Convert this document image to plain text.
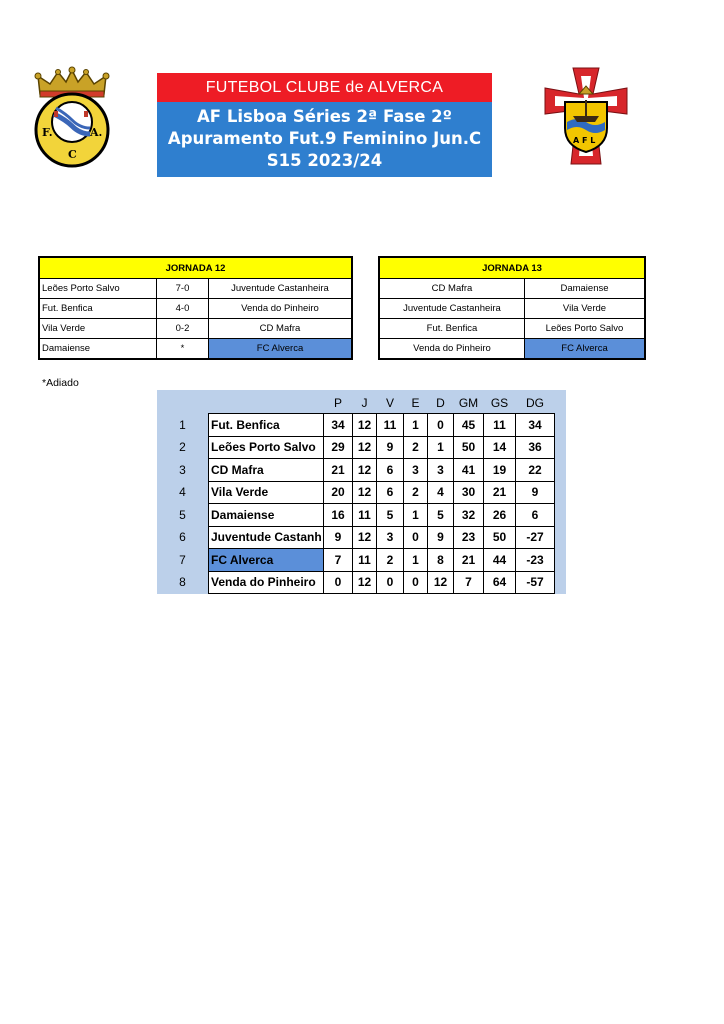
F.	A.
C
FUTEBOL CLUBE de ALVERCA
AF Lisboa Séries 2ª Fase 2º
Apuramento Fut.9 Feminino Jun.C
S15 2023/24
A F L
JORNADA 12		
Leões Porto Salvo	7-0	Juventude Castanheira
Fut. Benfica	4-0	Venda do Pinheiro
Vila Verde	0-2	CD Mafra
Damaiense	*	FC Alverca
JORNADA 13	
CD Mafra	Damaiense
Juventude Castanheira	Vila Verde
Fut. Benfica	Leões Porto Salvo
Venda do Pinheiro	FC Alverca
*Adiado
		P	J	V	E	D	GM	GS	DG
1	Fut. Benfica	34	12	11	1	0	45	11	34
2	Leões Porto Salvo	29	12	9	2	1	50	14	36
3	CD Mafra	21	12	6	3	3	41	19	22
4	Vila Verde	20	12	6	2	4	30	21	9
5	Damaiense	16	11	5	1	5	32	26	6
6	Juventude Castanh	9	12	3	0	9	23	50	-27
7	FC Alverca	7	11	2	1	8	21	44	-23
8	Venda do Pinheiro	0	12	0	0	12	7	64	-57
